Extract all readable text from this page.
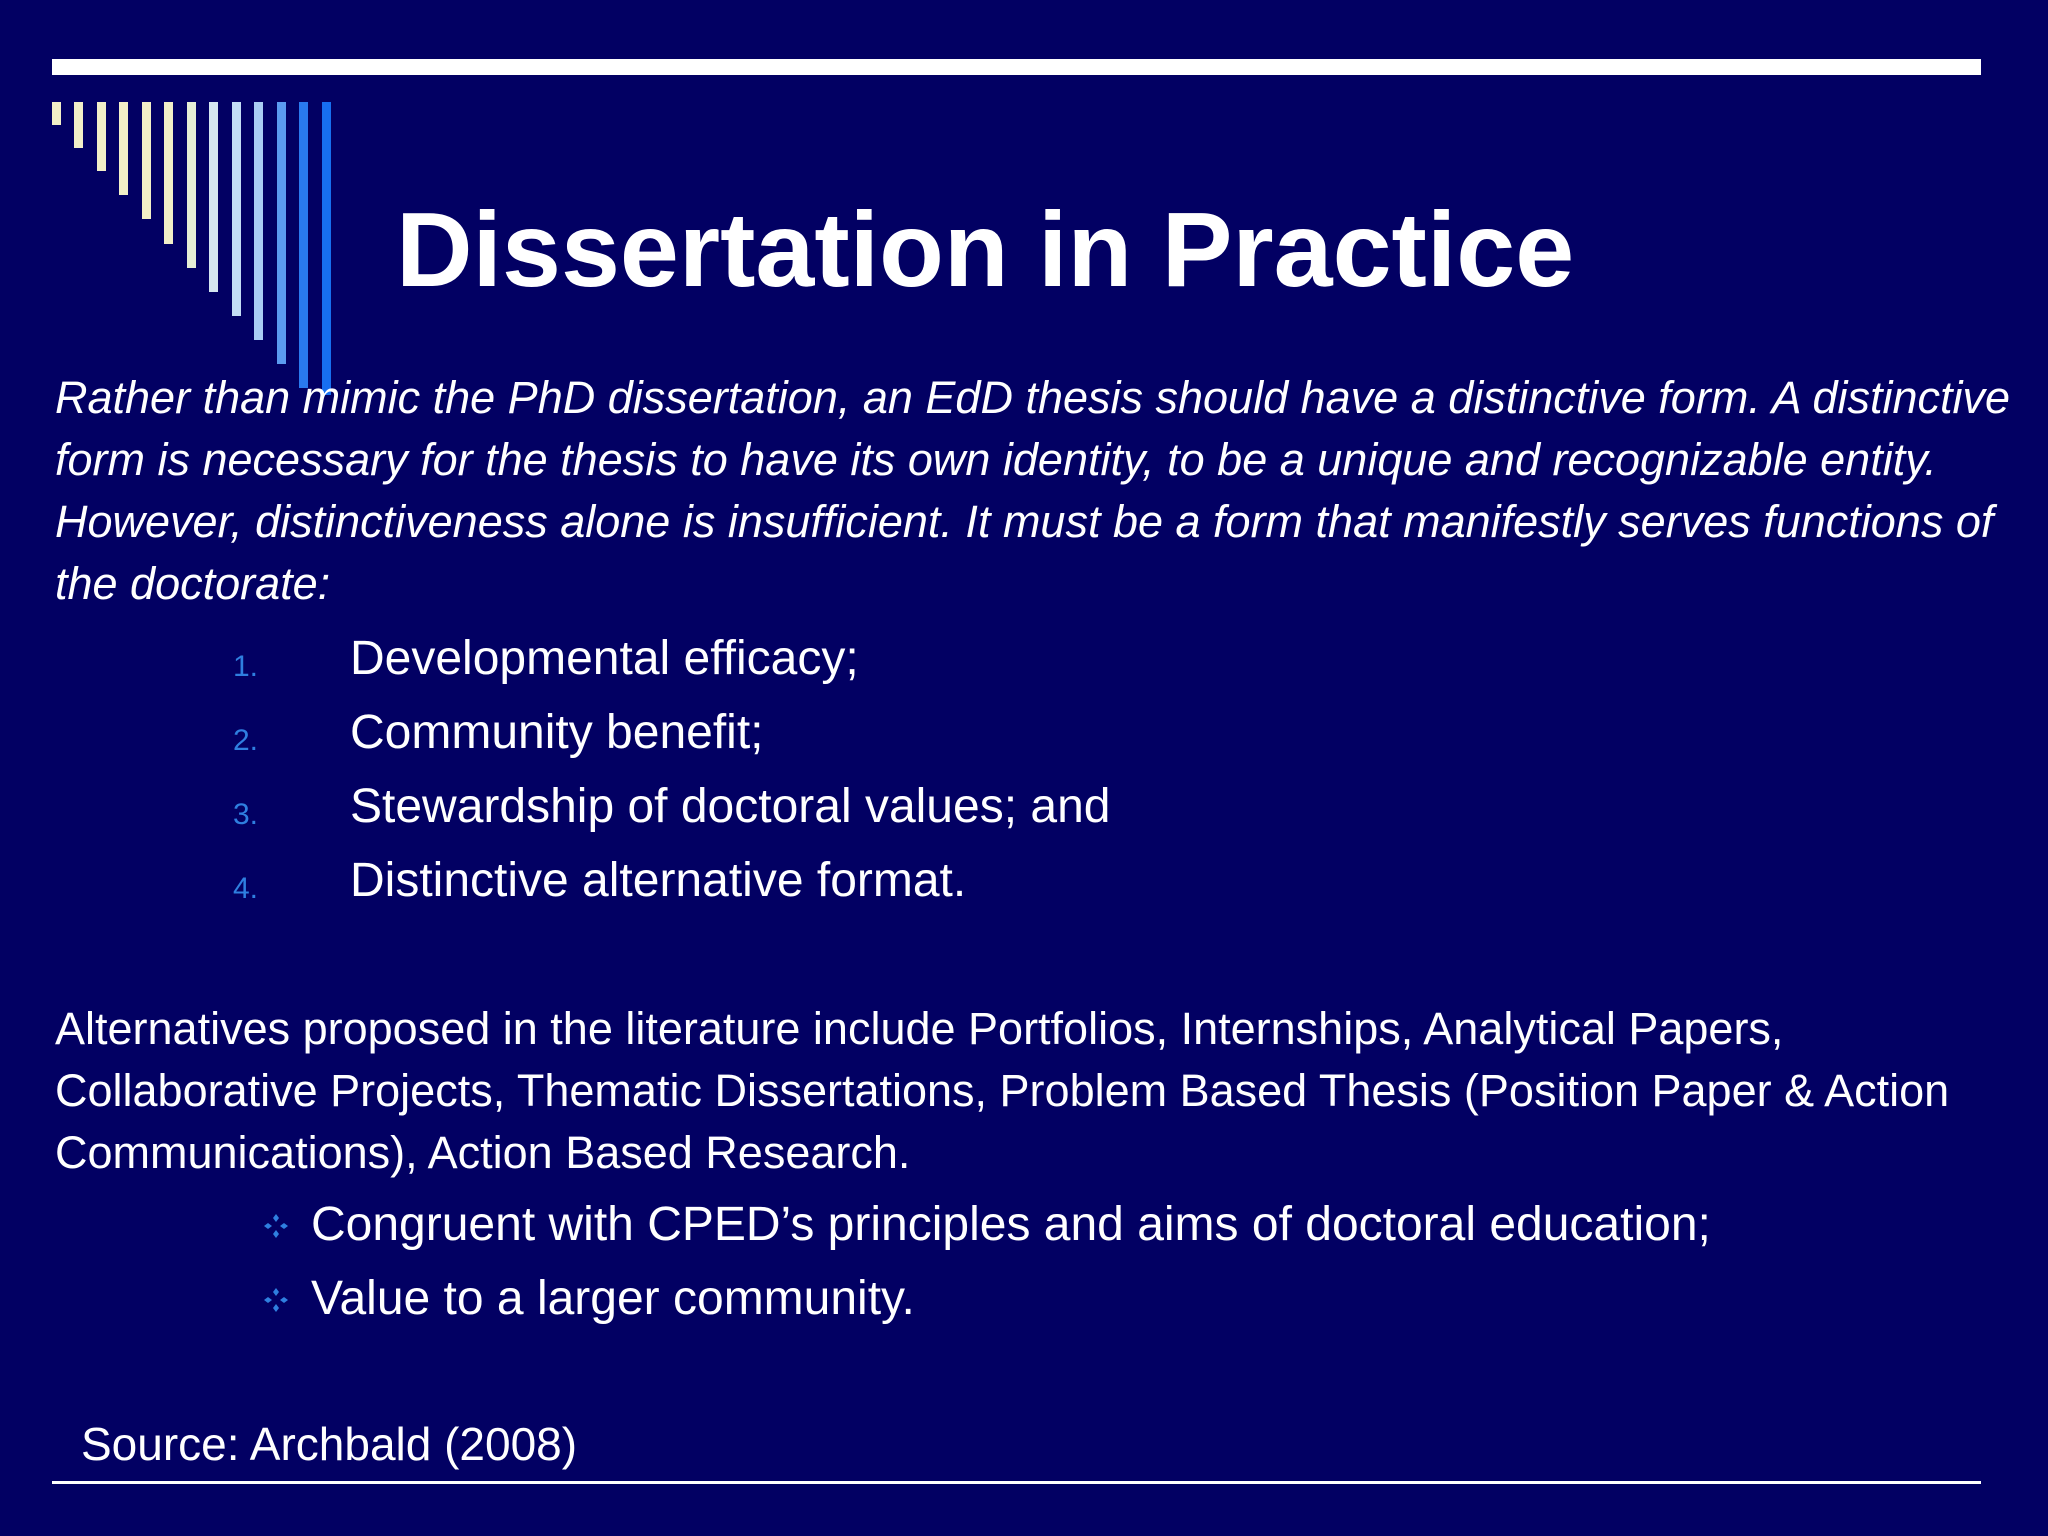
Dissertation in Practice

Rather than mimic the PhD dissertation, an EdD thesis should have a distinctive form. A distinctive form is necessary for the thesis to have its own identity, to be a unique and recognizable entity. However, distinctiveness alone is insufficient. It must be a form that manifestly serves functions of the doctorate:

1. Developmental efficacy;
2. Community benefit;
3. Stewardship of doctoral values; and
4. Distinctive alternative format.

Alternatives proposed in the literature include Portfolios, Internships, Analytical Papers, Collaborative Projects, Thematic Dissertations, Problem Based Thesis (Position Paper & Action Communications), Action Based Research.

Congruent with CPED’s principles and aims of doctoral education;
Value to a larger community.

Source: Archbald (2008)
